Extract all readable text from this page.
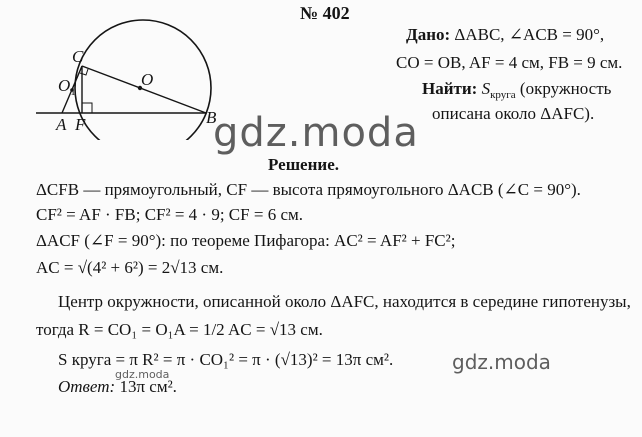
№ 402
C
$O_1$
O
A F	B
Дано: ΔABC, ∠ACB = 90°,
CO = OB, AF = 4 см, FB = 9 см.
Найти: $S_{круга}$ (окружность
описана около ΔAFC).
gdz.moda
Решение.
ΔCFB — прямоугольный, CF — высота прямоугольного ΔACB (∠C = 90°).
CF² = AF · FB; CF² = 4 · 9; CF = 6 см.
ΔACF (∠F = 90°): по теореме Пифагора: AC² = AF² + FC²;
AC = √(4² + 6²) = 2√13 см.
Центр окружности, описанной около ΔAFC, находится в середине гипотенузы,
тогда R = CO₁ = O₁A = 1/2 AC = √13 см.
S круга = π R² = π · CO₁² = π · (√13)² = 13π см².
gdz.moda
gdz.moda
Ответ: 13π см².
